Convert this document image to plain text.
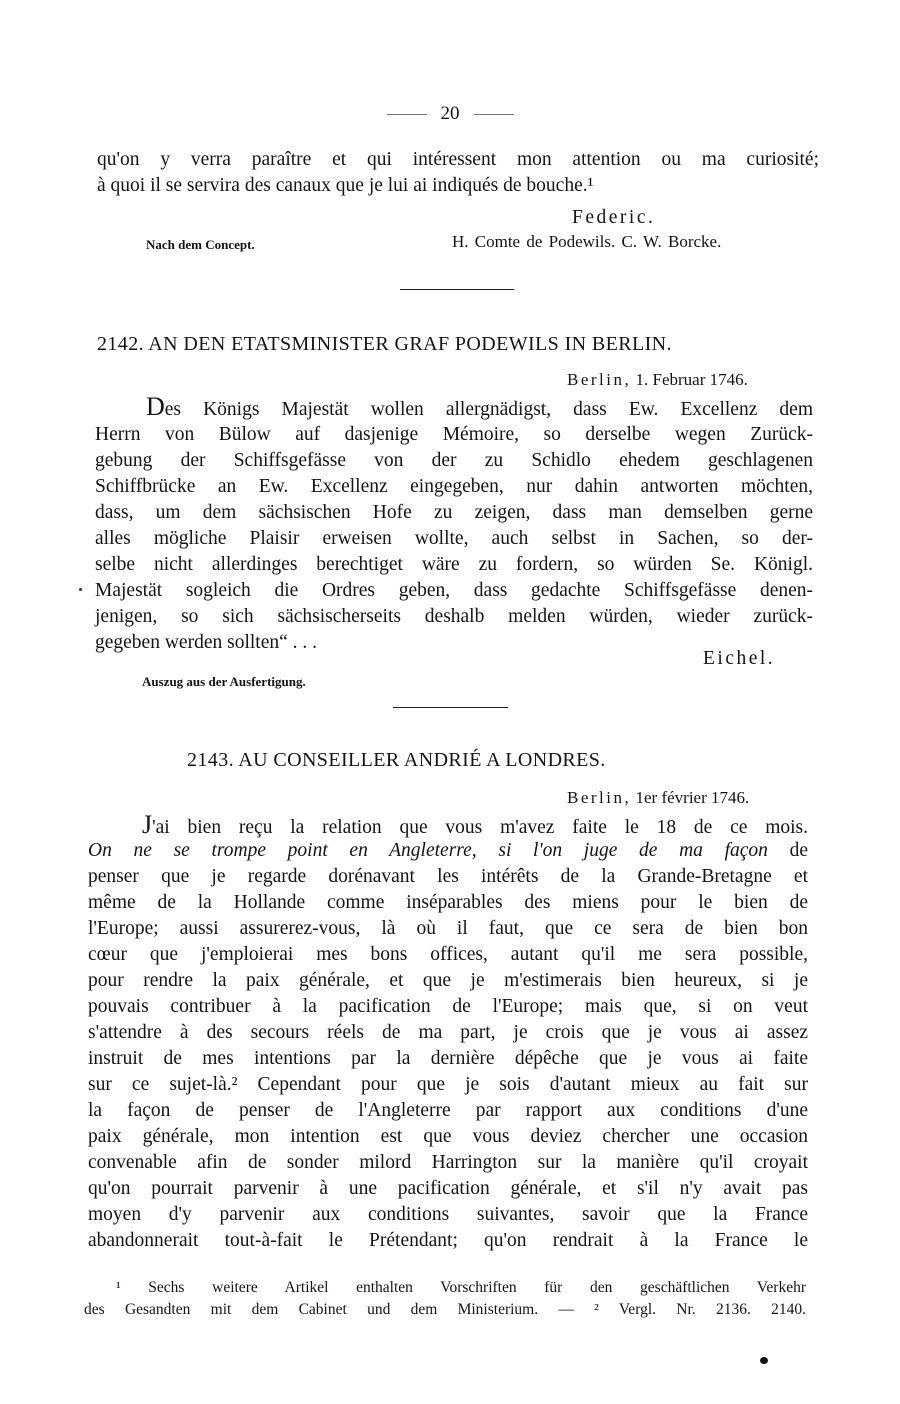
20
qu'on y verra paraître et qui intéressent mon attention ou ma curiosité;
à quoi il se servira des canaux que je lui ai indiqués de bouche.¹
Federic.
Nach dem Concept.	H. Comte de Podewils. C. W. Borcke.
2142. AN DEN ETATSMINISTER GRAF PODEWILS IN BERLIN.
Berlin, 1. Februar 1746.
Des Königs Majestät wollen allergnädigst, dass Ew. Excellenz dem
Herrn von Bülow auf dasjenige Mémoire, so derselbe wegen Zurück-
gebung der Schiffsgefässe von der zu Schidlo ehedem geschlagenen
Schiffbrücke an Ew. Excellenz eingegeben, nur dahin antworten möchten,
dass, um dem sächsischen Hofe zu zeigen, dass man demselben gerne
alles mögliche Plaisir erweisen wollte, auch selbst in Sachen, so der-
selbe nicht allerdinges berechtiget wäre zu fordern, so würden Se. Königl.
Majestät sogleich die Ordres geben, dass gedachte Schiffsgefässe denen-
jenigen, so sich sächsischerseits deshalb melden würden, wieder zurück-
gegeben werden sollten“ . . .
Eichel.
Auszug aus der Ausfertigung.
2143. AU CONSEILLER ANDRIÉ A LONDRES.
Berlin, 1er février 1746.
J'ai bien reçu la relation que vous m'avez faite le 18 de ce mois.
On ne se trompe point en Angleterre, si l'on juge de ma façon de
penser que je regarde dorénavant les intérêts de la Grande-Bretagne et
même de la Hollande comme inséparables des miens pour le bien de
l'Europe; aussi assurerez-vous, là où il faut, que ce sera de bien bon
cœur que j'emploierai mes bons offices, autant qu'il me sera possible,
pour rendre la paix générale, et que je m'estimerais bien heureux, si je
pouvais contribuer à la pacification de l'Europe; mais que, si on veut
s'attendre à des secours réels de ma part, je crois que je vous ai assez
instruit de mes intentions par la dernière dépêche que je vous ai faite
sur ce sujet-là.² Cependant pour que je sois d'autant mieux au fait sur
la façon de penser de l'Angleterre par rapport aux conditions d'une
paix générale, mon intention est que vous deviez chercher une occasion
convenable afin de sonder milord Harrington sur la manière qu'il croyait
qu'on pourrait parvenir à une pacification générale, et s'il n'y avait pas
moyen d'y parvenir aux conditions suivantes, savoir que la France
abandonnerait tout-à-fait le Prétendant; qu'on rendrait à la France le
¹ Sechs weitere Artikel enthalten Vorschriften für den geschäftlichen Verkehr
des Gesandten mit dem Cabinet und dem Ministerium. — ² Vergl. Nr. 2136. 2140.
